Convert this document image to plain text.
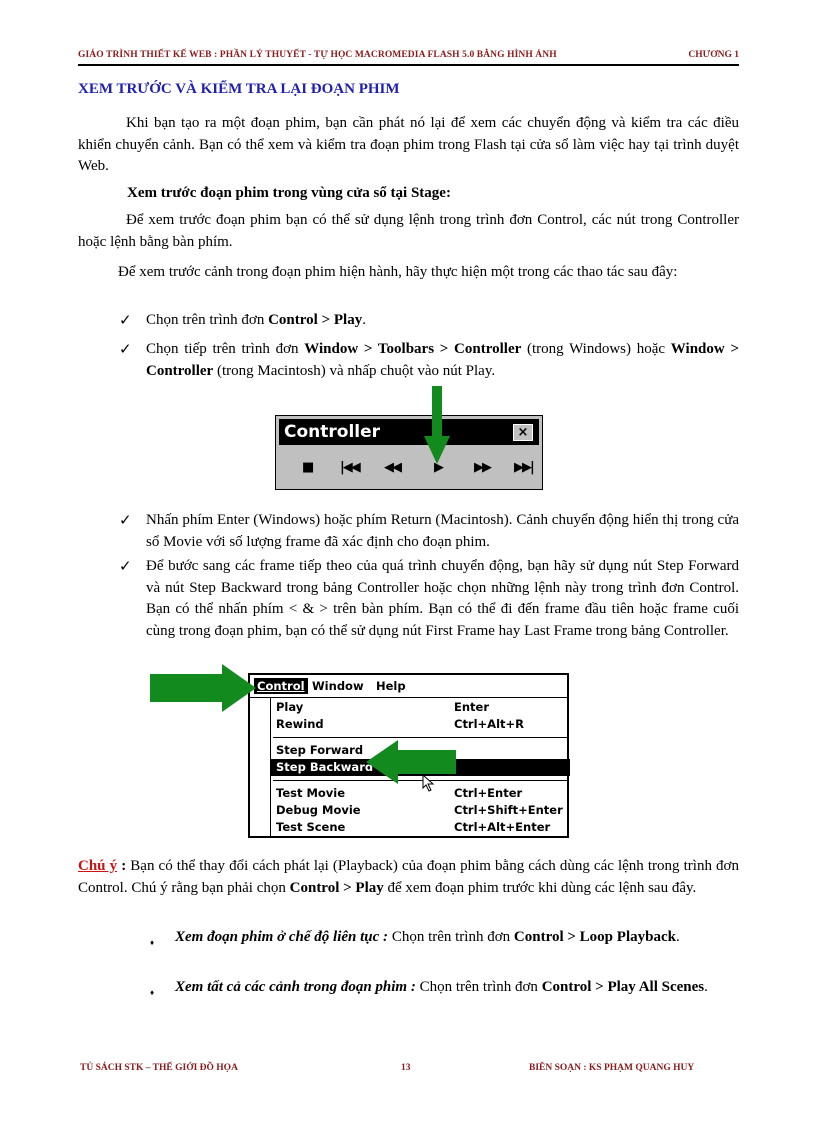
GIÁO TRÌNH THIẾT KẾ WEB : PHẦN LÝ THUYẾT - TỰ HỌC MACROMEDIA FLASH 5.0 BẰNG HÌNH ẢNH	CHƯƠNG 1
XEM TRƯỚC VÀ KIỂM TRA LẠI ĐOẠN PHIM

Khi bạn tạo ra một đoạn phim, bạn cần phát nó lại để xem các chuyển động và kiểm tra các điều khiển chuyển cảnh. Bạn có thể xem và kiểm tra đoạn phim trong Flash tại cửa sổ làm việc hay tại trình duyệt Web.

Xem trước đoạn phim trong vùng cửa sổ tại Stage:

Để xem trước đoạn phim bạn có thể sử dụng lệnh trong trình đơn Control, các nút trong Controller hoặc lệnh bằng bàn phím.

Để xem trước cảnh trong đoạn phim hiện hành, hãy thực hiện một trong các thao tác sau đây:

✓ Chọn trên trình đơn Control > Play.
✓ Chọn tiếp trên trình đơn Window > Toolbars > Controller (trong Windows) hoặc Window > Controller (trong Macintosh) và nhấp chuột vào nút Play.
Controller	×
■ |◀◀ ◀◀	▶ ▶▶ ▶▶|
✓ Nhấn phím Enter (Windows) hoặc phím Return (Macintosh). Cảnh chuyển động hiển thị trong cửa sổ Movie với số lượng frame đã xác định cho đoạn phim.
✓ Để bước sang các frame tiếp theo của quá trình chuyển động, bạn hãy sử dụng nút Step Forward và nút Step Backward trong bảng Controller hoặc chọn những lệnh này trong trình đơn Control. Bạn có thể nhấn phím < & > trên bàn phím. Bạn có thể đi đến frame đầu tiên hoặc frame cuối cùng trong đoạn phim, bạn có thể sử dụng nút First Frame hay Last Frame trong bảng Controller.
Control Window Help
Play	Enter
Rewind	Ctrl+Alt+R
Step Forward
Step Backward
Test Movie	Ctrl+Enter
Debug Movie	Ctrl+Shift+Enter
Test Scene	Ctrl+Alt+Enter
Chú ý : Bạn có thể thay đổi cách phát lại (Playback) của đoạn phim bằng cách dùng các lệnh trong trình đơn Control. Chú ý rằng bạn phải chọn Control > Play để xem đoạn phim trước khi dùng các lệnh sau đây.
♦ Xem đoạn phim ở chế độ liên tục : Chọn trên trình đơn Control > Loop Playback.
♦ Xem tất cả các cảnh trong đoạn phim : Chọn trên trình đơn Control > Play All Scenes.
TỦ SÁCH STK – THẾ GIỚI ĐỒ HỌA	13	BIÊN SOẠN : KS PHẠM QUANG HUY
